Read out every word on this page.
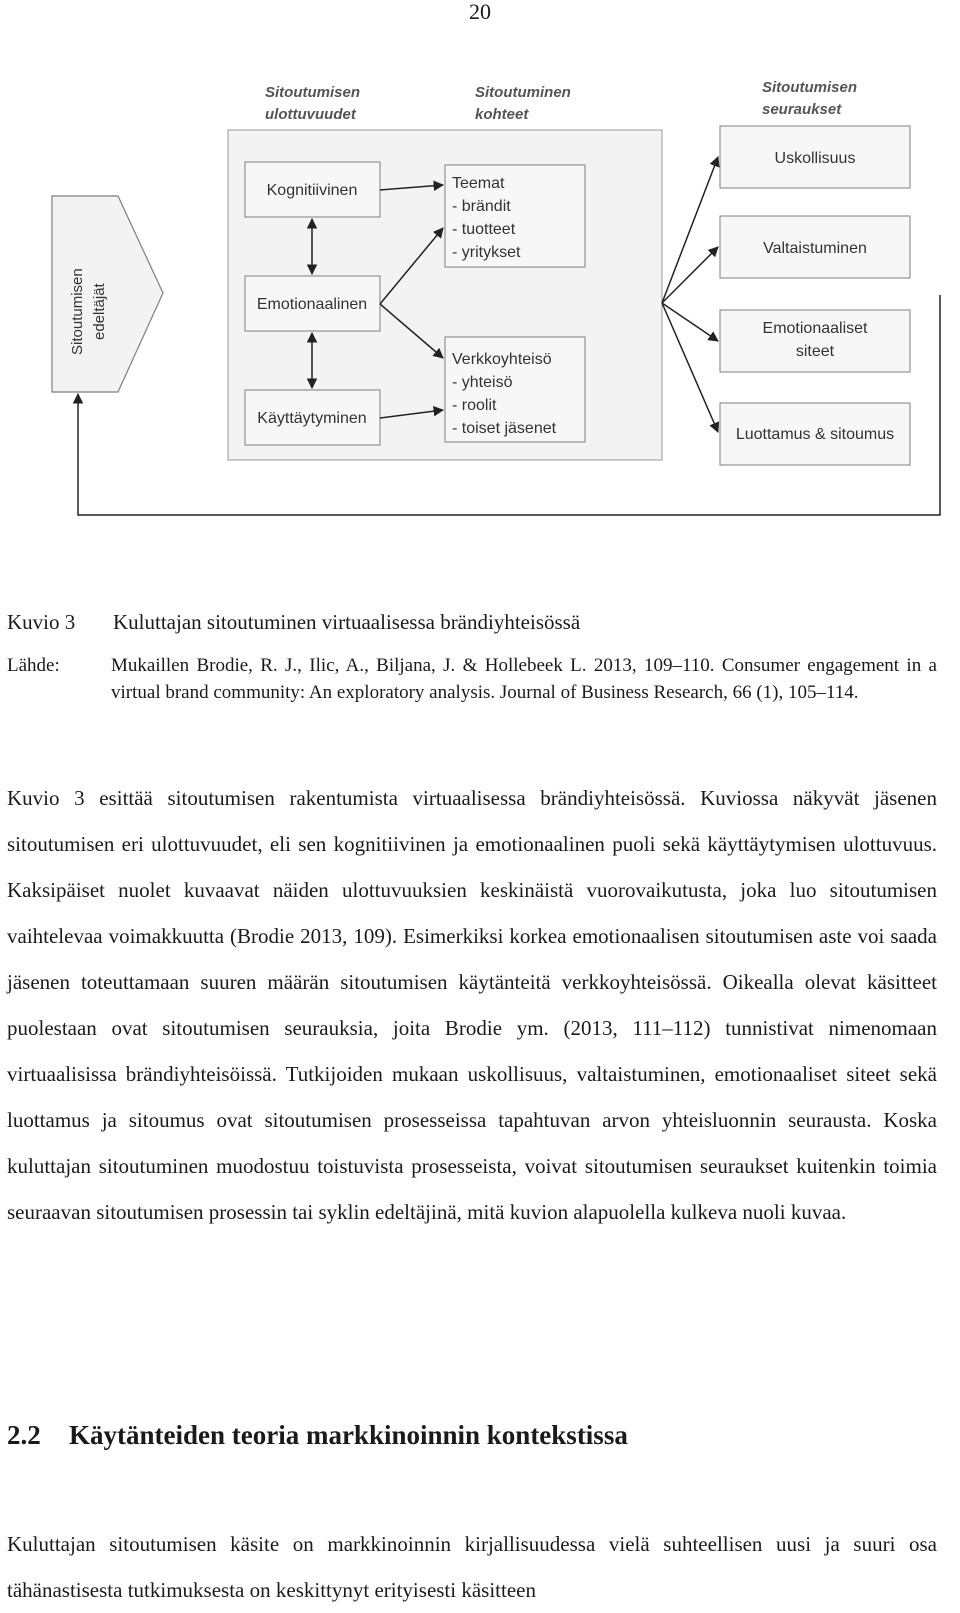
20
Sitoutumisen
ulottuvuudet
Sitoutuminen
kohteet
Sitoutumisen
seuraukset
Sitoutumisen edeltäjät
Kognitiivinen
Emotionaalinen
Käyttäytyminen
Teemat
- brändit
- tuotteet
- yritykset
Verkkoyhteisö
- yhteisö
- roolit
- toiset jäsenet
Uskollisuus
Valtaistuminen
Emotionaaliset
siteet
Luottamus & sitoumus
Kuvio 3 Kuluttajan sitoutuminen virtuaalisessa brändiyhteisössä
Lähde:	Mukaillen Brodie, R. J., Ilic, A., Biljana, J. & Hollebeek L. 2013, 109–110. Consumer engagement in a virtual brand community: An exploratory analysis. Journal of Business Research, 66 (1), 105–114.

Kuvio 3 esittää sitoutumisen rakentumista virtuaalisessa brändiyhteisössä. Kuviossa näkyvät jäsenen sitoutumisen eri ulottuvuudet, eli sen kognitiivinen ja emotionaalinen puoli sekä käyttäytymisen ulottuvuus. Kaksipäiset nuolet kuvaavat näiden ulottuvuuksien keskinäistä vuorovaikutusta, joka luo sitoutumisen vaihtelevaa voimakkuutta (Brodie 2013, 109). Esimerkiksi korkea emotionaalisen sitoutumisen aste voi saada jäsenen toteuttamaan suuren määrän sitoutumisen käytänteitä verkkoyhteisössä. Oikealla olevat käsitteet puolestaan ovat sitoutumisen seurauksia, joita Brodie ym. (2013, 111–112) tunnistivat nimenomaan virtuaalisissa brändiyhteisöissä. Tutkijoiden mukaan uskollisuus, valtaistuminen, emotionaaliset siteet sekä luottamus ja sitoumus ovat sitoutumisen prosesseissa tapahtuvan arvon yhteisluonnin seurausta. Koska kuluttajan sitoutuminen muodostuu toistuvista prosesseista, voivat sitoutumisen seuraukset kuitenkin toimia seuraavan sitoutumisen prosessin tai syklin edeltäjinä, mitä kuvion alapuolella kulkeva nuoli kuvaa.

2.2 Käytänteiden teoria markkinoinnin kontekstissa

Kuluttajan sitoutumisen käsite on markkinoinnin kirjallisuudessa vielä suhteellisen uusi ja suuri osa tähänastisesta tutkimuksesta on keskittynyt erityisesti käsitteen
